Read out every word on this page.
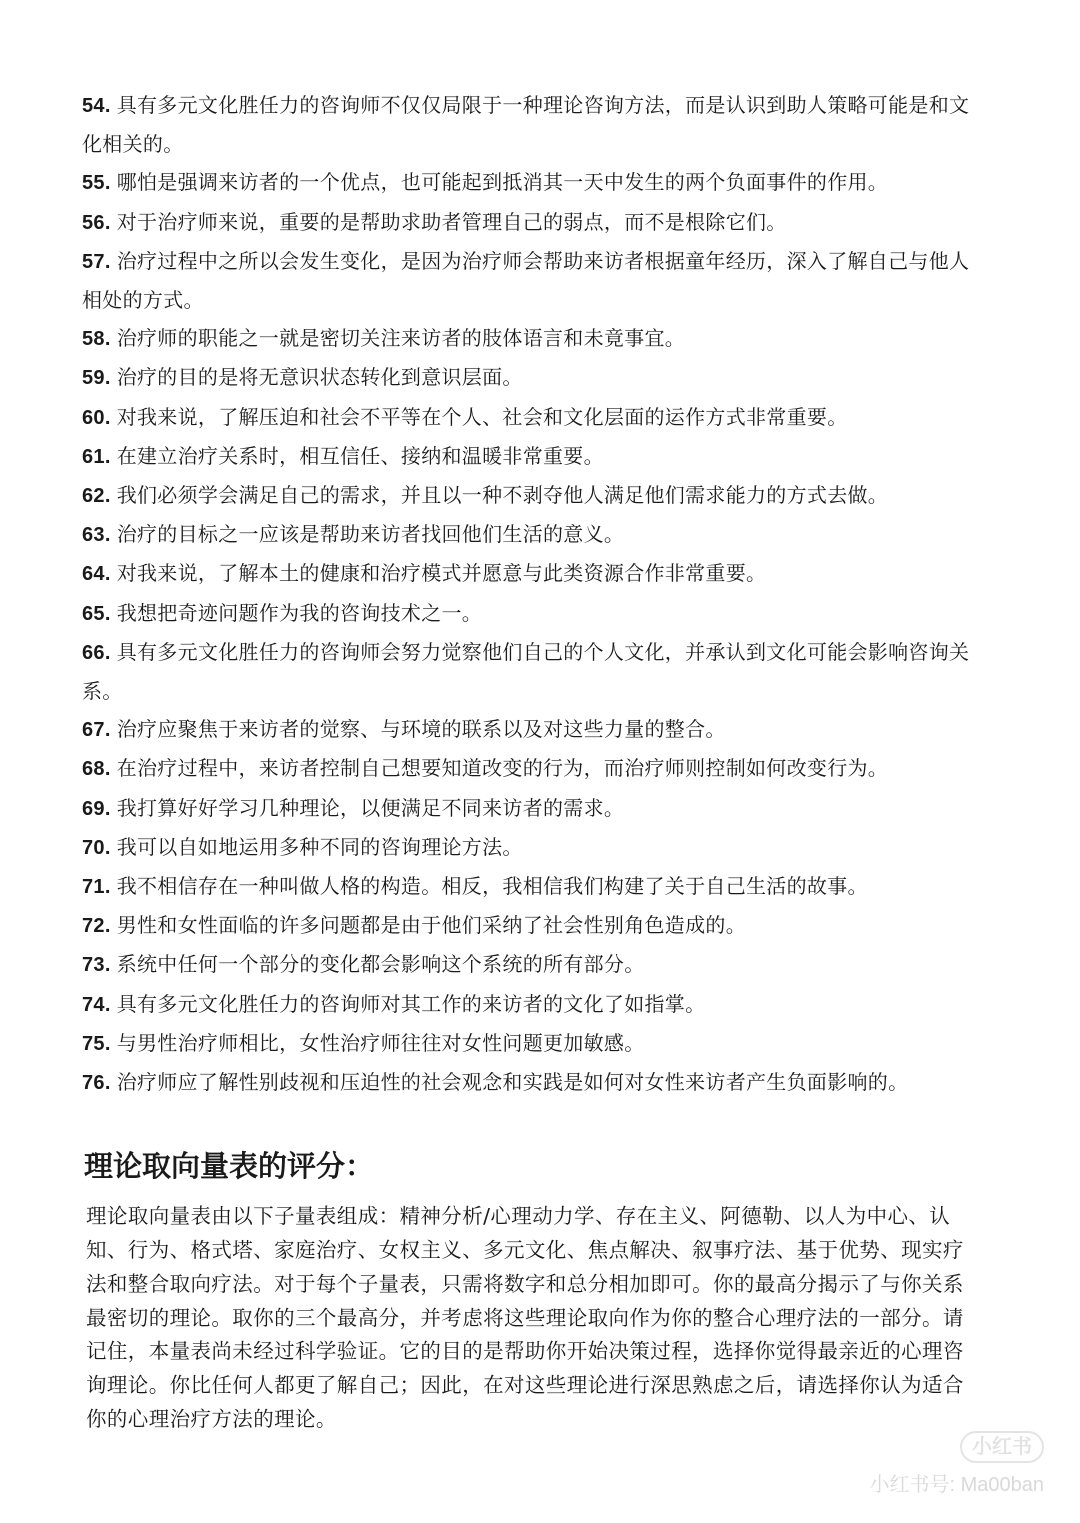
54. 具有多元文化胜任力的咨询师不仅仅局限于一种理论咨询方法，而是认识到助人策略可能是和文化相关的。
55. 哪怕是强调来访者的一个优点，也可能起到抵消其一天中发生的两个负面事件的作用。
56. 对于治疗师来说，重要的是帮助求助者管理自己的弱点，而不是根除它们。
57. 治疗过程中之所以会发生变化，是因为治疗师会帮助来访者根据童年经历，深入了解自己与他人相处的方式。
58. 治疗师的职能之一就是密切关注来访者的肢体语言和未竟事宜。
59. 治疗的目的是将无意识状态转化到意识层面。
60. 对我来说，了解压迫和社会不平等在个人、社会和文化层面的运作方式非常重要。
61. 在建立治疗关系时，相互信任、接纳和温暖非常重要。
62. 我们必须学会满足自己的需求，并且以一种不剥夺他人满足他们需求能力的方式去做。
63. 治疗的目标之一应该是帮助来访者找回他们生活的意义。
64. 对我来说，了解本土的健康和治疗模式并愿意与此类资源合作非常重要。
65. 我想把奇迹问题作为我的咨询技术之一。
66. 具有多元文化胜任力的咨询师会努力觉察他们自己的个人文化，并承认到文化可能会影响咨询关系。
67. 治疗应聚焦于来访者的觉察、与环境的联系以及对这些力量的整合。
68. 在治疗过程中，来访者控制自己想要知道改变的行为，而治疗师则控制如何改变行为。
69. 我打算好好学习几种理论，以便满足不同来访者的需求。
70. 我可以自如地运用多种不同的咨询理论方法。
71. 我不相信存在一种叫做人格的构造。相反，我相信我们构建了关于自己生活的故事。
72. 男性和女性面临的许多问题都是由于他们采纳了社会性别角色造成的。
73. 系统中任何一个部分的变化都会影响这个系统的所有部分。
74. 具有多元文化胜任力的咨询师对其工作的来访者的文化了如指掌。
75. 与男性治疗师相比，女性治疗师往往对女性问题更加敏感。
76. 治疗师应了解性别歧视和压迫性的社会观念和实践是如何对女性来访者产生负面影响的。
理论取向量表的评分：

理论取向量表由以下子量表组成：精神分析/心理动力学、存在主义、阿德勒、以人为中心、认知、行为、格式塔、家庭治疗、女权主义、多元文化、焦点解决、叙事疗法、基于优势、现实疗法和整合取向疗法。对于每个子量表，只需将数字和总分相加即可。你的最高分揭示了与你关系最密切的理论。取你的三个最高分，并考虑将这些理论取向作为你的整合心理疗法的一部分。请记住，本量表尚未经过科学验证。它的目的是帮助你开始决策过程，选择你觉得最亲近的心理咨询理论。你比任何人都更了解自己；因此，在对这些理论进行深思熟虑之后，请选择你认为适合你的心理治疗方法的理论。

小红书
小红书号: Ma00ban
